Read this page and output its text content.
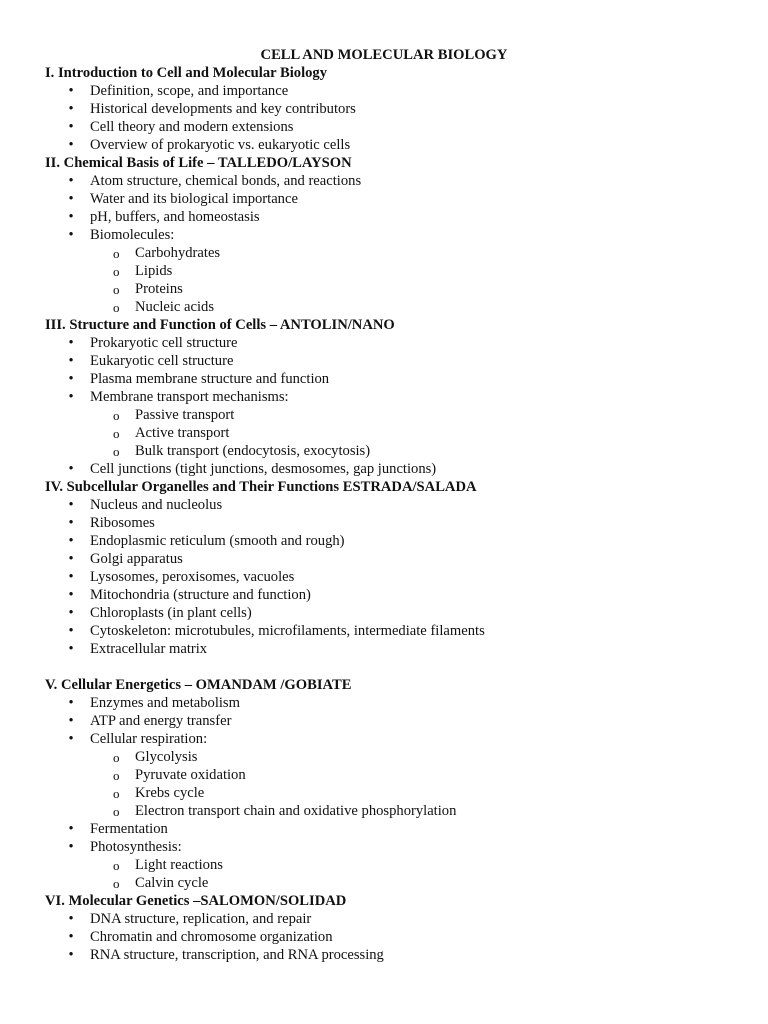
CELL AND MOLECULAR BIOLOGY
I. Introduction to Cell and Molecular Biology
• Definition, scope, and importance
• Historical developments and key contributors
• Cell theory and modern extensions
• Overview of prokaryotic vs. eukaryotic cells
II. Chemical Basis of Life – TALLEDO/LAYSON
• Atom structure, chemical bonds, and reactions
• Water and its biological importance
• pH, buffers, and homeostasis
• Biomolecules:
o Carbohydrates
o Lipids
o Proteins
o Nucleic acids
III. Structure and Function of Cells – ANTOLIN/NANO
• Prokaryotic cell structure
• Eukaryotic cell structure
• Plasma membrane structure and function
• Membrane transport mechanisms:
o Passive transport
o Active transport
o Bulk transport (endocytosis, exocytosis)
• Cell junctions (tight junctions, desmosomes, gap junctions)
IV. Subcellular Organelles and Their Functions ESTRADA/SALADA
• Nucleus and nucleolus
• Ribosomes
• Endoplasmic reticulum (smooth and rough)
• Golgi apparatus
• Lysosomes, peroxisomes, vacuoles
• Mitochondria (structure and function)
• Chloroplasts (in plant cells)
• Cytoskeleton: microtubules, microfilaments, intermediate filaments
• Extracellular matrix
V. Cellular Energetics – OMANDAM /GOBIATE
• Enzymes and metabolism
• ATP and energy transfer
• Cellular respiration:
o Glycolysis
o Pyruvate oxidation
o Krebs cycle
o Electron transport chain and oxidative phosphorylation
• Fermentation
• Photosynthesis:
o Light reactions
o Calvin cycle
VI. Molecular Genetics –SALOMON/SOLIDAD
• DNA structure, replication, and repair
• Chromatin and chromosome organization
• RNA structure, transcription, and RNA processing
